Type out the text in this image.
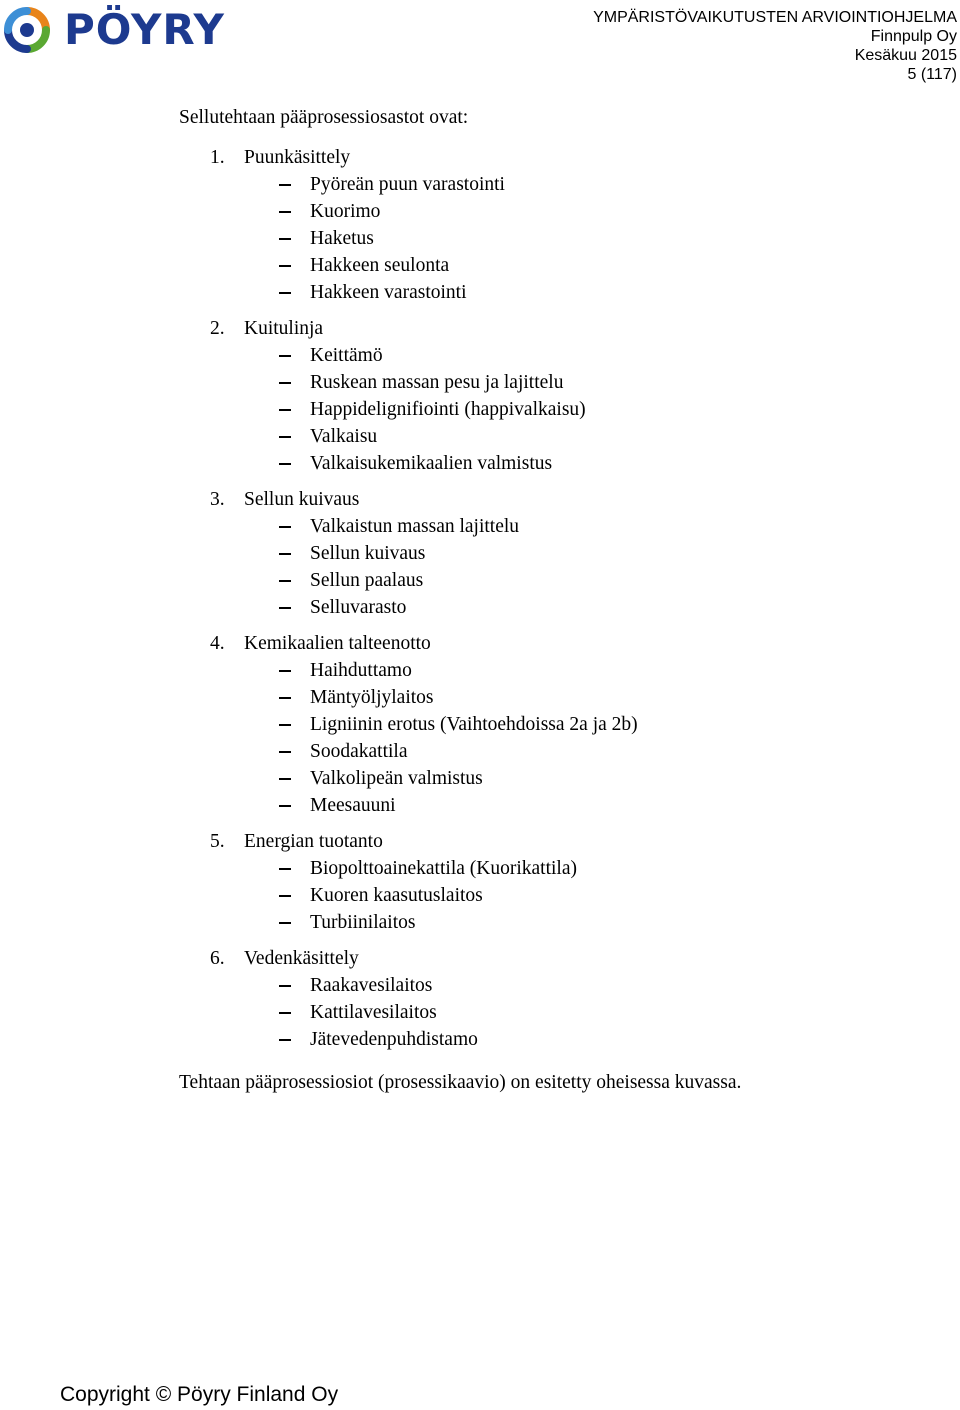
PÖYRY	YMPÄRISTÖVAIKUTUSTEN ARVIOINTIOHJELMA
Finnpulp Oy
Kesäkuu 2015
5 (117)
Sellutehtaan pääprosessiosastot ovat:
1. Puunkäsittely
Pyöreän puun varastointi
Kuorimo
Haketus
Hakkeen seulonta
Hakkeen varastointi
2. Kuitulinja
Keittämö
Ruskean massan pesu ja lajittelu
Happidelignifiointi (happivalkaisu)
Valkaisu
Valkaisukemikaalien valmistus
3. Sellun kuivaus
Valkaistun massan lajittelu
Sellun kuivaus
Sellun paalaus
Selluvarasto
4. Kemikaalien talteenotto
Haihduttamo
Mäntyöljylaitos
Ligniinin erotus (Vaihtoehdoissa 2a ja 2b)
Soodakattila
Valkolipeän valmistus
Meesauuni
5. Energian tuotanto
Biopolttoainekattila (Kuorikattila)
Kuoren kaasutuslaitos
Turbiinilaitos
6. Vedenkäsittely
Raakavesilaitos
Kattilavesilaitos
Jätevedenpuhdistamo
Tehtaan pääprosessiosiot (prosessikaavio) on esitetty oheisessa kuvassa.
Copyright © Pöyry Finland Oy
